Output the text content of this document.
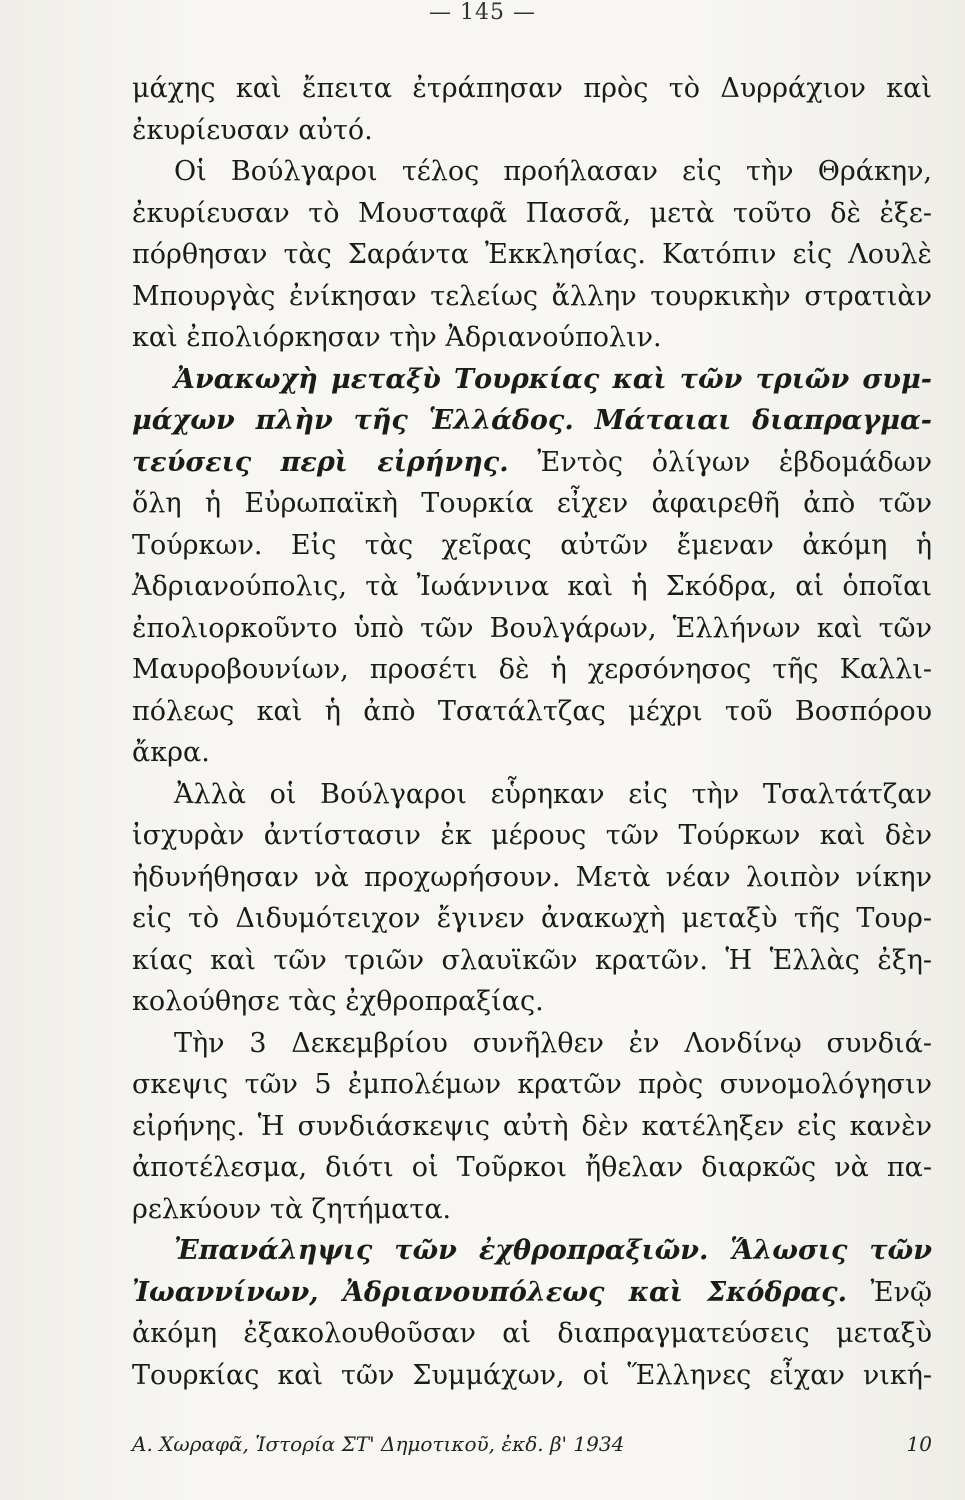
— 145 —
μάχης καὶ ἔπειτα ἐτράπησαν πρὸς τὸ Δυρράχιον καὶ
ἐκυρίευσαν αὐτό.
Οἱ Βούλγαροι τέλος προήλασαν εἰς τὴν Θράκην,
ἐκυρίευσαν τὸ Μουσταφᾶ Πασσᾶ, μετὰ τοῦτο δὲ ἐξε-
πόρθησαν τὰς Σαράντα Ἐκκλησίας. Κατόπιν εἰς Λουλὲ
Μπουργὰς ἐνίκησαν τελείως ἄλλην τουρκικὴν στρατιὰν
καὶ ἐπολιόρκησαν τὴν Ἀδριανούπολιν.
Ἀνακωχὴ μεταξὺ Τουρκίας καὶ τῶν τριῶν συμ-
μάχων πλὴν τῆς Ἑλλάδος. Μάταιαι διαπραγμα-
τεύσεις περὶ εἰρήνης. Ἐντὸς ὀλίγων ἑβδομάδων
ὅλη ἡ Εὐρωπαϊκὴ Τουρκία εἶχεν ἀφαιρεθῆ ἀπὸ τῶν
Τούρκων. Εἰς τὰς χεῖρας αὐτῶν ἔμεναν ἀκόμη ἡ
Ἀδριανούπολις, τὰ Ἰωάννινα καὶ ἡ Σκόδρα, αἱ ὁποῖαι
ἐπολιορκοῦντο ὑπὸ τῶν Βουλγάρων, Ἑλλήνων καὶ τῶν
Μαυροβουνίων, προσέτι δὲ ἡ χερσόνησος τῆς Καλλι-
πόλεως καὶ ἡ ἀπὸ Τσατάλτζας μέχρι τοῦ Βοσπόρου
ἄκρα.
Ἀλλὰ οἱ Βούλγαροι εὗρηκαν εἰς τὴν Τσαλτάτζαν
ἰσχυρὰν ἀντίστασιν ἐκ μέρους τῶν Τούρκων καὶ δὲν
ἠδυνήθησαν νὰ προχωρήσουν. Μετὰ νέαν λοιπὸν νίκην
εἰς τὸ Διδυμότειχον ἔγινεν ἀνακωχὴ μεταξὺ τῆς Τουρ-
κίας καὶ τῶν τριῶν σλαυϊκῶν κρατῶν. Ἡ Ἑλλὰς ἐξη-
κολούθησε τὰς ἐχθροπραξίας.
Τὴν 3 Δεκεμβρίου συνῆλθεν ἐν Λονδίνῳ συνδιά-
σκεψις τῶν 5 ἐμπολέμων κρατῶν πρὸς συνομολόγησιν
εἰρήνης. Ἡ συνδιάσκεψις αὐτὴ δὲν κατέληξεν εἰς κανὲν
ἀποτέλεσμα, διότι οἱ Τοῦρκοι ἤθελαν διαρκῶς νὰ πα-
ρελκύουν τὰ ζητήματα.
Ἐπανάληψις τῶν ἐχθροπραξιῶν. Ἅλωσις τῶν
Ἰωαννίνων, Ἀδριανουπόλεως καὶ Σκόδρας. Ἐνῷ
ἀκόμη ἐξακολουθοῦσαν αἱ διαπραγματεύσεις μεταξὺ
Τουρκίας καὶ τῶν Συμμάχων, οἱ Ἕλληνες εἶχαν νική-
Α. Χωραφᾶ, Ἱστορία ΣΤ' Δημοτικοῦ, ἐκδ. β' 1934	10
